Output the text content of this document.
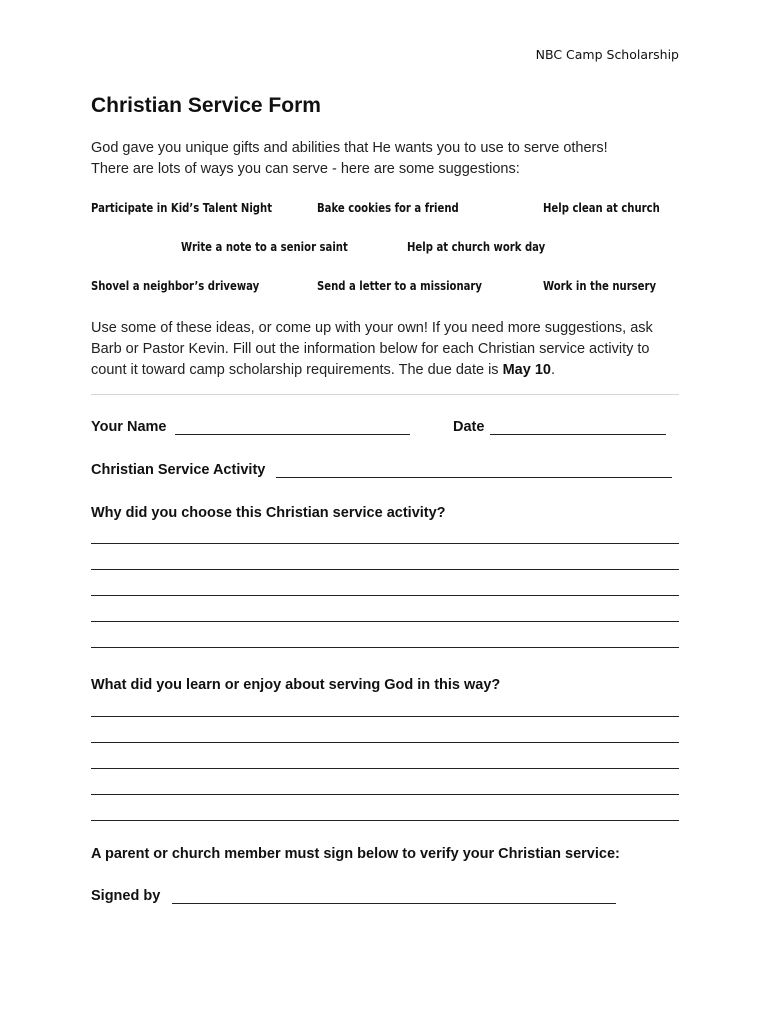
NBC Camp Scholarship
Christian Service Form

God gave you unique gifts and abilities that He wants you to use to serve others!

There are lots of ways you can serve - here are some suggestions:

Participate in Kid’s Talent Night	Bake cookies for a friend	Help clean at church
Write a note to a senior saint	Help at church work day
Shovel a neighbor’s driveway	Send a letter to a missionary	Work in the nursery
Use some of these ideas, or come up with your own! If you need more suggestions, ask Barb or Pastor Kevin. Fill out the information below for each Christian service activity to count it toward camp scholarship requirements. The due date is May 10.
Your Name	Date
Christian Service Activity
Why did you choose this Christian service activity?
What did you learn or enjoy about serving God in this way?
A parent or church member must sign below to verify your Christian service:
Signed by
